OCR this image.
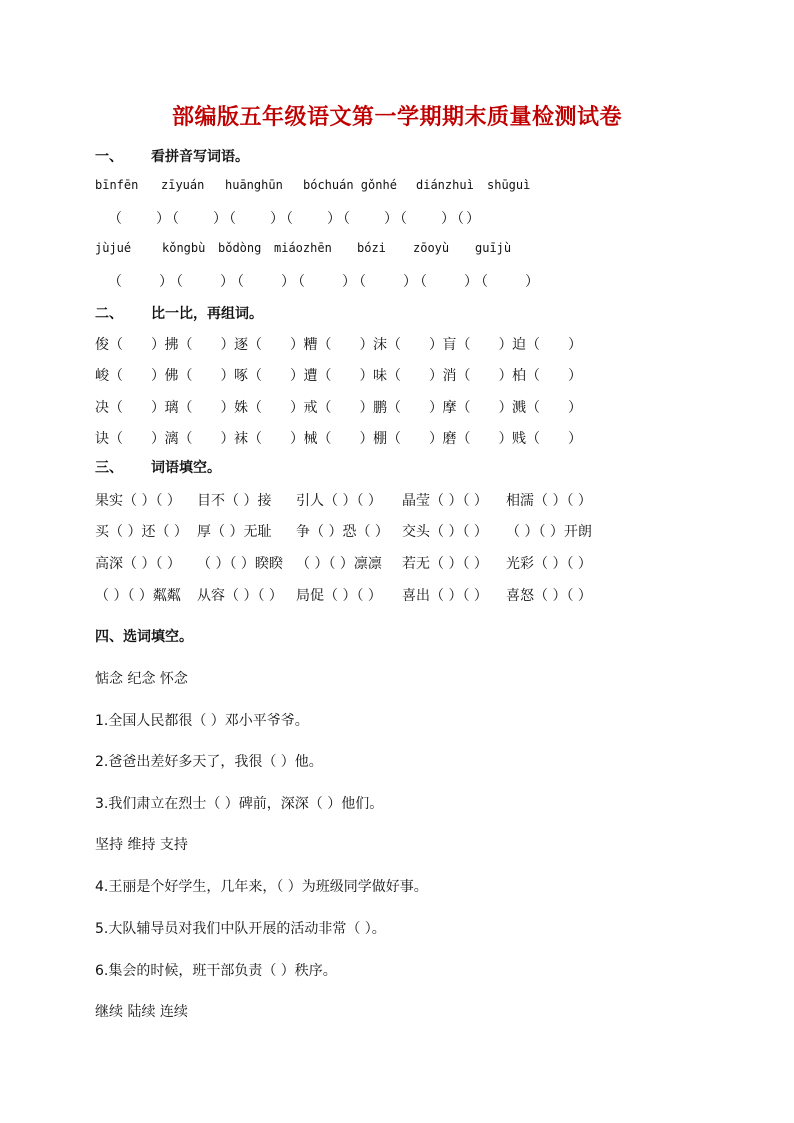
部编版五年级语文第一学期期末质量检测试卷
一、 看拼音写词语。
bīnfēn zīyuán huānghūn bóchuán gǒnhé diánzhuì shūguì
（　　）（　　）（　　）（　　）（　　）（　　）（）
jùjué	kǒngbù bǒdòng miáozhēn bózi zōoyù guījù
（　　）（　　）（　　）（　　）（　　）（　　）（　　）
二、 比一比，再组词。
俊（　　）拂（　　）逐（　　）糟（　　）沫（　　）肓（　　）迫（　　）
峻（　　）佛（　　）啄（　　）遭（　　）味（　　）消（　　）柏（　　）
决（　　）璃（　　）姝（　　）戒（　　）鹏（　　）摩（　　）溅（　　）
诀（　　）漓（　　）袜（　　）械（　　）棚（　　）磨（　　）贱（　　）
三、 词语填空。
果实（ ）（ ） 目不（ ）接 引人（ ）（ ） 晶莹（ ）（ ） 相濡（ ）（ ）
买（ ）还（ ） 厚（ ）无耻 争（ ）恐（ ） 交头（ ）（ ） （ ）（ ）开朗
高深（ ）（ ） （ ）（ ）睽睽 （ ）（ ）凛凛 若无（ ）（ ） 光彩（ ）（ ）
（ ）（ ）粼粼 从容（ ）（ ） 局促（ ）（ ） 喜出（ ）（ ） 喜怒（ ）（ ）
四、选词填空。
惦念 纪念 怀念
1.全国人民都很（ ）邓小平爷爷。
2.爸爸出差好多天了，我很（ ）他。
3.我们肃立在烈士（ ）碑前，深深（ ）他们。
坚持 维持 支持
4.王丽是个好学生，几年来，（ ）为班级同学做好事。
5.大队辅导员对我们中队开展的活动非常（ ）。
6.集会的时候，班干部负责（ ）秩序。
继续 陆续 连续
